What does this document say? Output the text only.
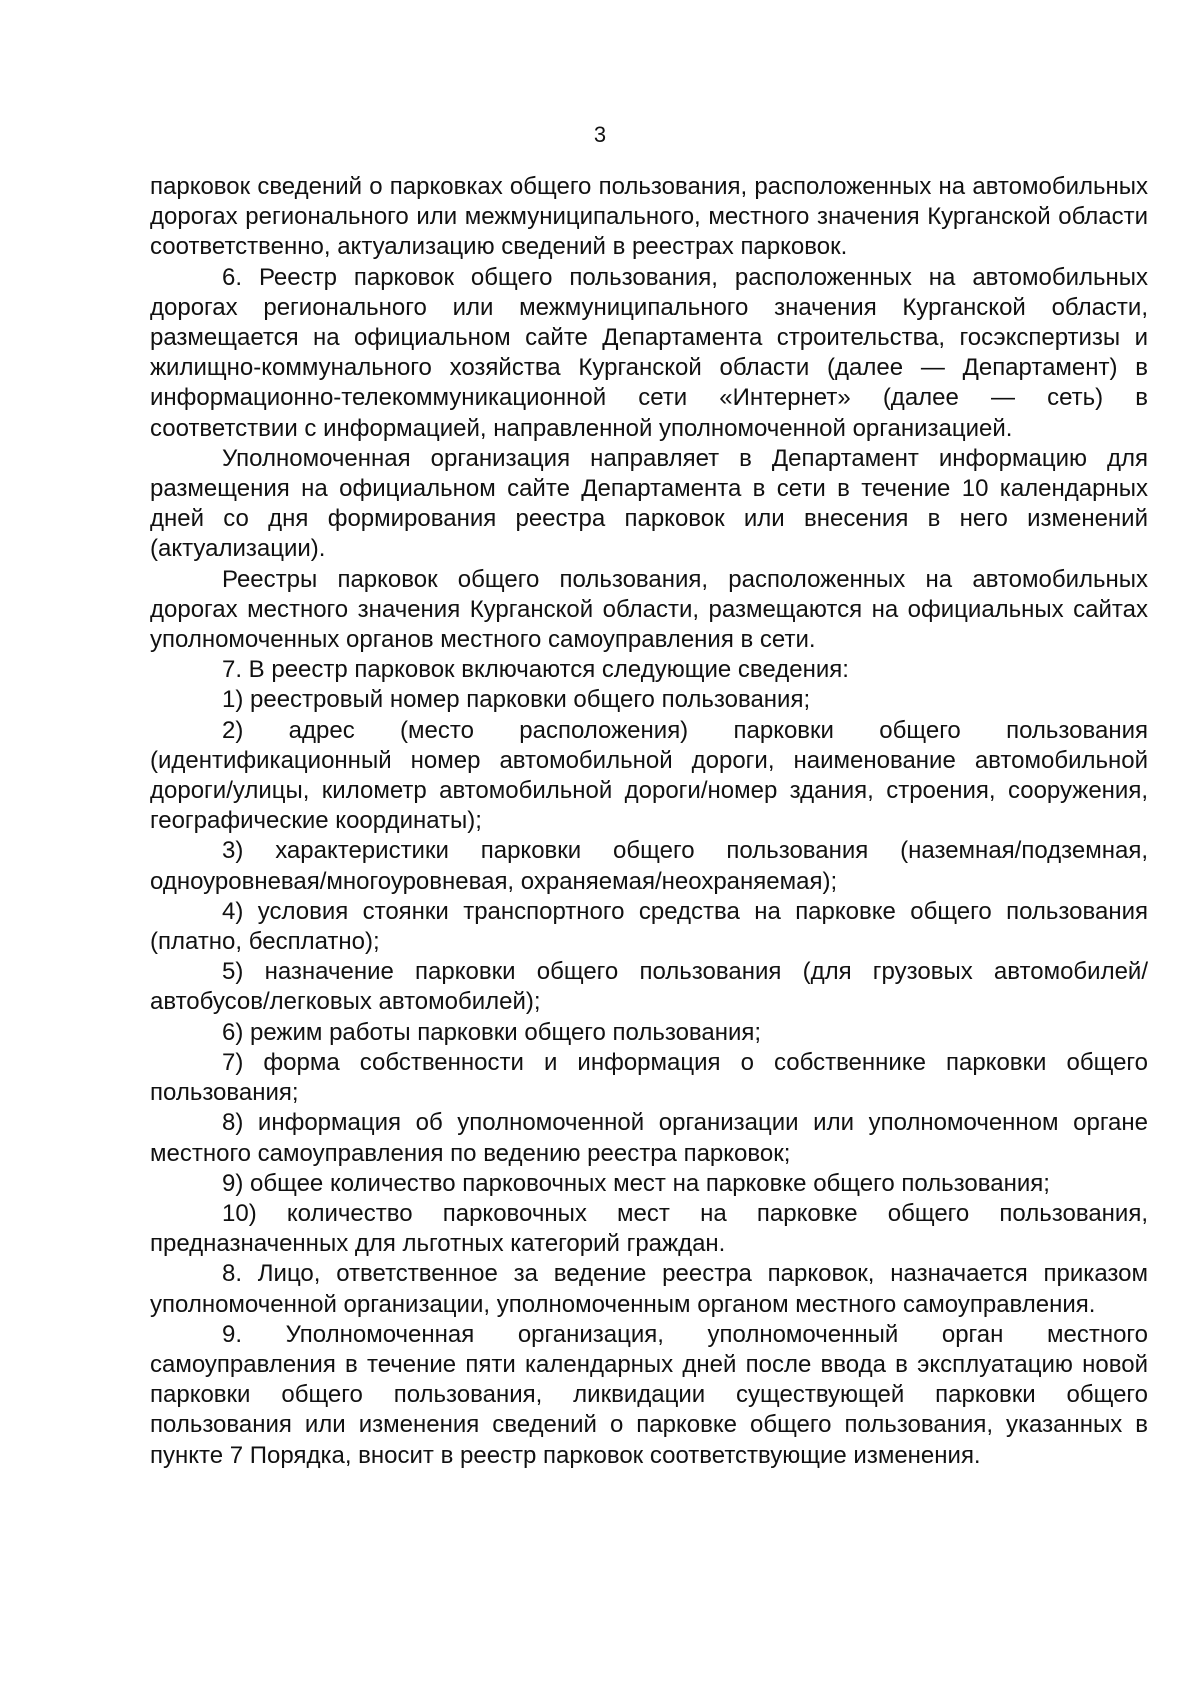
3

парковок сведений о парковках общего пользования, расположенных на автомобильных дорогах регионального или межмуниципального, местного значения Курганской области соответственно, актуализацию сведений в реестрах парковок.

6. Реестр парковок общего пользования, расположенных на автомобильных дорогах регионального или межмуниципального значения Курганской области, размещается на официальном сайте Департамента строительства, госэкспертизы и жилищно-коммунального хозяйства Курганской области (далее — Департамент) в информационно-телекоммуникационной сети «Интернет» (далее — сеть) в соответствии с информацией, направленной уполномоченной организацией.

Уполномоченная организация направляет в Департамент информацию для размещения на официальном сайте Департамента в сети в течение 10 календарных дней со дня формирования реестра парковок или внесения в него изменений (актуализации).

Реестры парковок общего пользования, расположенных на автомобильных дорогах местного значения Курганской области, размещаются на официальных сайтах уполномоченных органов местного самоуправления в сети.

7. В реестр парковок включаются следующие сведения:

1) реестровый номер парковки общего пользования;

2) адрес (место расположения) парковки общего пользования (идентификационный номер автомобильной дороги, наименование автомобильной дороги/улицы, километр автомобильной дороги/номер здания, строения, сооружения, географические координаты);

3) характеристики парковки общего пользования (наземная/подземная, одноуровневая/многоуровневая, охраняемая/неохраняемая);

4) условия стоянки транспортного средства на парковке общего пользования (платно, бесплатно);

5) назначение парковки общего пользования (для грузовых автомобилей/автобусов/легковых автомобилей);

6) режим работы парковки общего пользования;

7) форма собственности и информация о собственнике парковки общего пользования;

8) информация об уполномоченной организации или уполномоченном органе местного самоуправления по ведению реестра парковок;

9) общее количество парковочных мест на парковке общего пользования;

10) количество парковочных мест на парковке общего пользования, предназначенных для льготных категорий граждан.

8. Лицо, ответственное за ведение реестра парковок, назначается приказом уполномоченной организации, уполномоченным органом местного самоуправления.

9. Уполномоченная организация, уполномоченный орган местного самоуправления в течение пяти календарных дней после ввода в эксплуатацию новой парковки общего пользования, ликвидации существующей парковки общего пользования или изменения сведений о парковке общего пользования, указанных в пункте 7 Порядка, вносит в реестр парковок соответствующие изменения.
